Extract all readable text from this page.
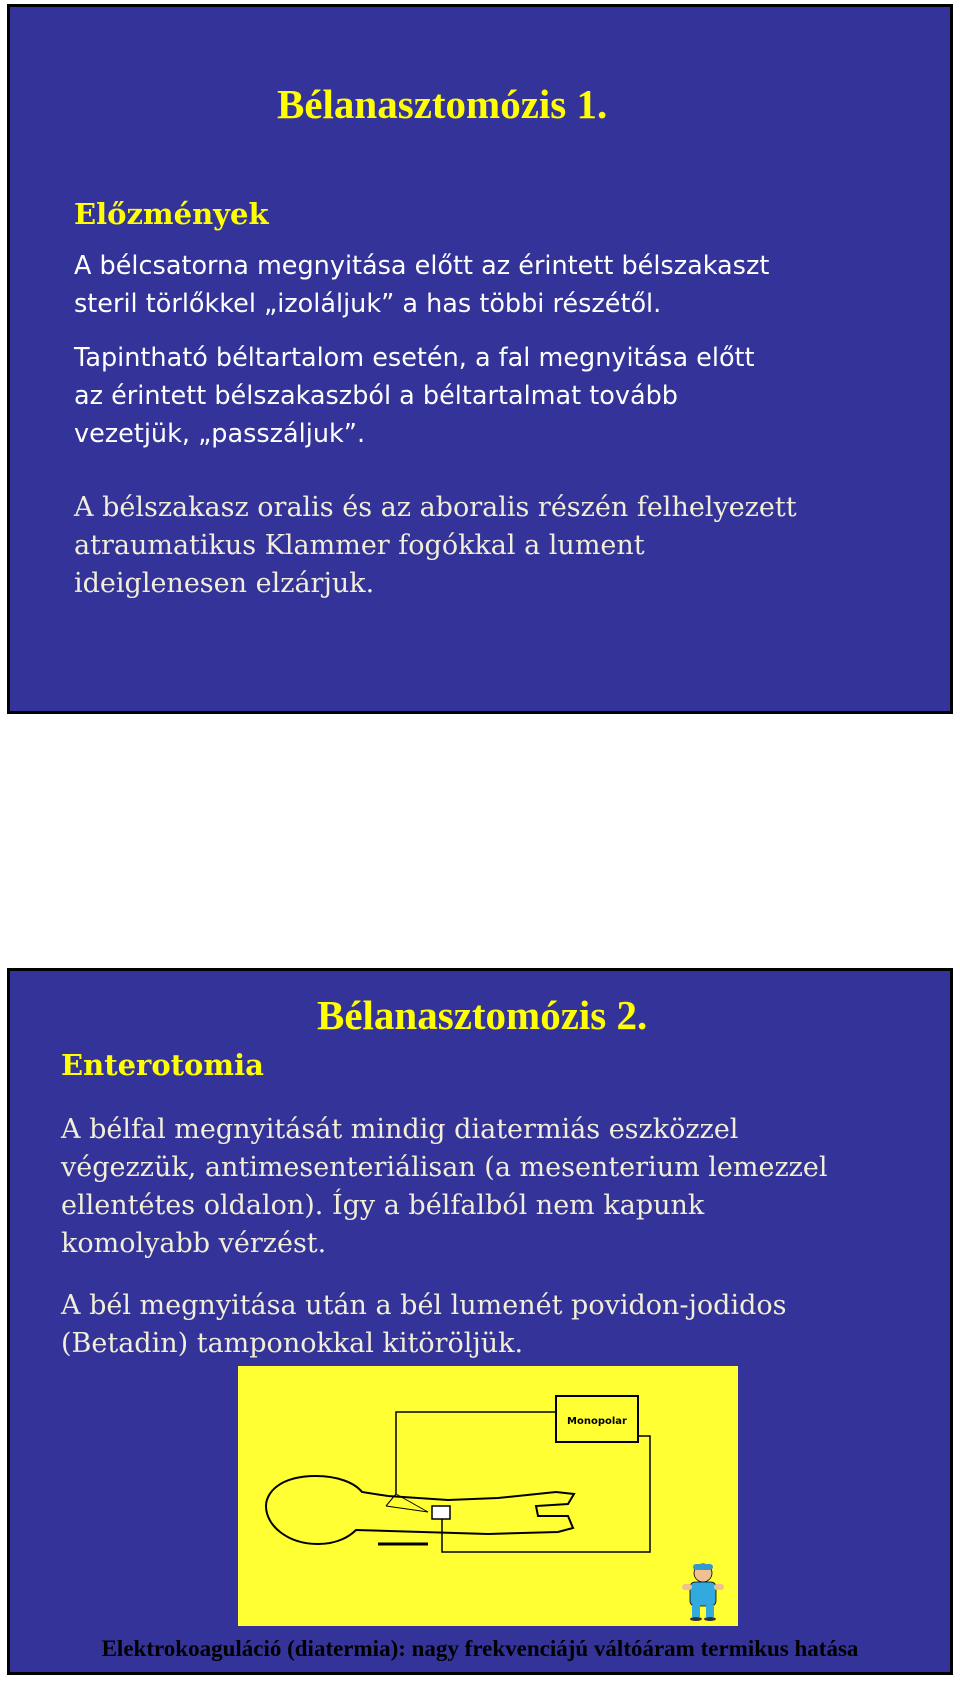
Bélanasztomózis 1.
Előzmények

A bélcsatorna megnyitása előtt az érintett bélszakaszt
steril törlőkkel „izoláljuk” a has többi részétől.

Tapintható béltartalom esetén, a fal megnyitása előtt
az érintett bélszakaszból a béltartalmat tovább
vezetjük, „passzáljuk”.

A bélszakasz oralis és az aboralis részén felhelyezett
atraumatikus Klammer fogókkal a lument
ideiglenesen elzárjuk.

Bélanasztomózis 2.
Enterotomia

A bélfal megnyitását mindig diatermiás eszközzel
végezzük, antimesenteriálisan (a mesenterium lemezzel
ellentétes oldalon). Így a bélfalból nem kapunk
komolyabb vérzést.

A bél megnyitása után a bél lumenét povidon-jodidos
(Betadin) tamponokkal kitöröljük.

Monopolar
Elektrokoaguláció (diatermia): nagy frekvenciájú váltóáram termikus hatása
